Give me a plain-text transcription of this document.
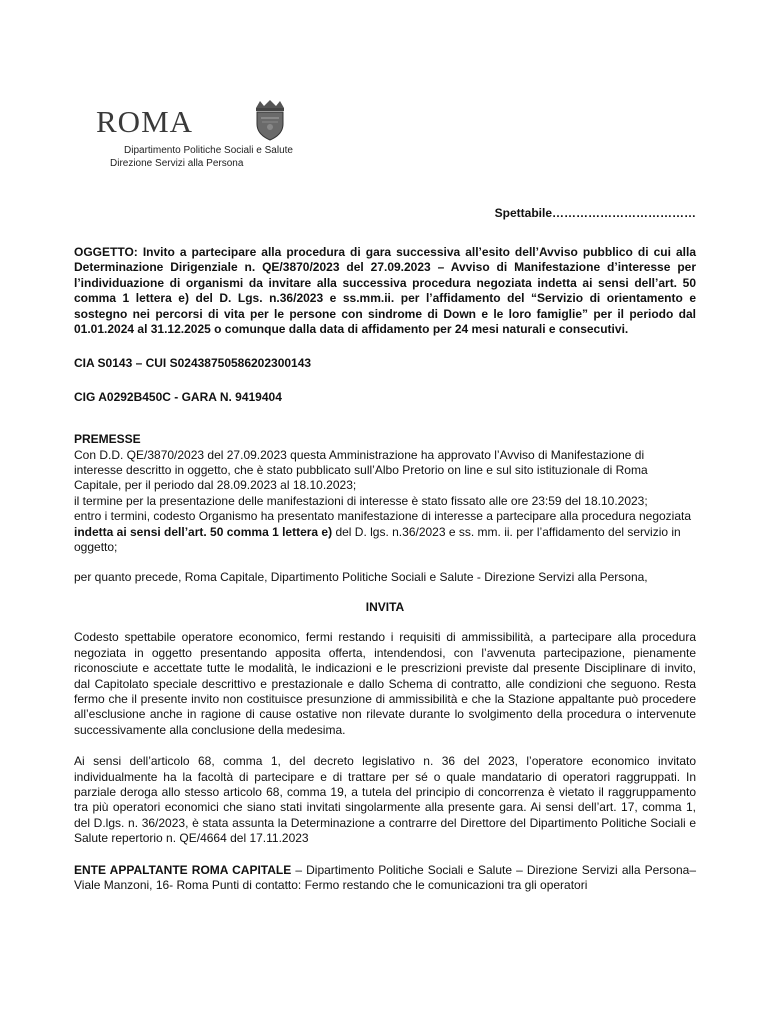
ROMA
Dipartimento Politiche Sociali e Salute
Direzione Servizi alla Persona
Spettabile………………………………

OGGETTO: Invito a partecipare alla procedura di gara successiva all’esito dell’Avviso pubblico di cui alla Determinazione Dirigenziale n. QE/3870/2023 del 27.09.2023 – Avviso di Manifestazione d’interesse per l’individuazione di organismi da invitare alla successiva procedura negoziata indetta ai sensi dell’art. 50 comma 1 lettera e) del D. Lgs. n.36/2023 e ss.mm.ii. per l’affidamento del “Servizio di orientamento e sostegno nei percorsi di vita per le persone con sindrome di Down e le loro famiglie” per il periodo dal 01.01.2024 al 31.12.2025 o comunque dalla data di affidamento per 24 mesi naturali e consecutivi.

CIA S0143 – CUI S02438750586202300143

CIG A0292B450C - GARA N. 9419404

PREMESSE

Con D.D. QE/3870/2023 del 27.09.2023 questa Amministrazione ha approvato l’Avviso di Manifestazione di interesse descritto in oggetto, che è stato pubblicato sull’Albo Pretorio on line e sul sito istituzionale di Roma Capitale, per il periodo dal 28.09.2023 al 18.10.2023;

il termine per la presentazione delle manifestazioni di interesse è stato fissato alle ore 23:59 del 18.10.2023;

entro i termini, codesto Organismo ha presentato manifestazione di interesse a partecipare alla procedura negoziata indetta ai sensi dell’art. 50 comma 1 lettera e) del D. lgs. n.36/2023 e ss. mm. ii. per l’affidamento del servizio in oggetto;

per quanto precede, Roma Capitale, Dipartimento Politiche Sociali e Salute - Direzione Servizi alla Persona,

INVITA

Codesto spettabile operatore economico, fermi restando i requisiti di ammissibilità, a partecipare alla procedura negoziata in oggetto presentando apposita offerta, intendendosi, con l’avvenuta partecipazione, pienamente riconosciute e accettate tutte le modalità, le indicazioni e le prescrizioni previste dal presente Disciplinare di invito, dal Capitolato speciale descrittivo e prestazionale e dallo Schema di contratto, alle condizioni che seguono. Resta fermo che il presente invito non costituisce presunzione di ammissibilità e che la Stazione appaltante può procedere all’esclusione anche in ragione di cause ostative non rilevate durante lo svolgimento della procedura o intervenute successivamente alla conclusione della medesima.

Ai sensi dell’articolo 68, comma 1, del decreto legislativo n. 36 del 2023, l’operatore economico invitato individualmente ha la facoltà di partecipare e di trattare per sé o quale mandatario di operatori raggruppati. In parziale deroga allo stesso articolo 68, comma 19, a tutela del principio di concorrenza è vietato il raggruppamento tra più operatori economici che siano stati invitati singolarmente alla presente gara. Ai sensi dell’art. 17, comma 1, del D.lgs. n. 36/2023, è stata assunta la Determinazione a contrarre del Direttore del Dipartimento Politiche Sociali e Salute repertorio n. QE/4664 del 17.11.2023

ENTE APPALTANTE ROMA CAPITALE – Dipartimento Politiche Sociali e Salute – Direzione Servizi alla Persona–Viale Manzoni, 16- Roma Punti di contatto: Fermo restando che le comunicazioni tra gli operatori
